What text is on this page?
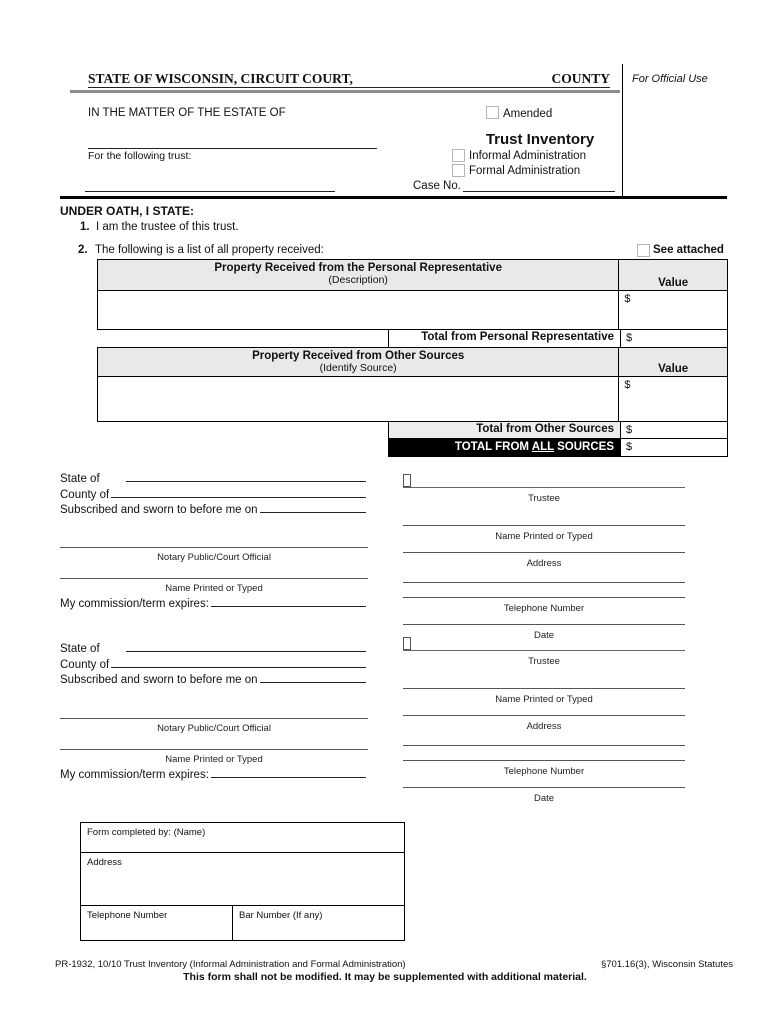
STATE OF WISCONSIN, CIRCUIT COURT,	COUNTY For Official Use
IN THE MATTER OF THE ESTATE OF	Amended
Trust Inventory
For the following trust:	Informal Administration
Formal Administration
Case No.
UNDER OATH, I STATE:
1. I am the trustee of this trust.
2. The following is a list of all property received:	See attached
Property Received from the Personal Representative
(Description)	Value
$
Total from Personal Representative	$
Property Received from Other Sources
(Identify Source)	Value
$
Total from Other Sources	$
TOTAL FROM ALL SOURCES	$
State of
County of
Subscribed and sworn to before me on
Notary Public/Court Official
Name Printed or Typed
My commission/term expires:
Trustee
Name Printed or Typed
Address
Telephone Number
Date
State of
County of
Subscribed and sworn to before me on
Notary Public/Court Official
Name Printed or Typed
My commission/term expires:
Trustee
Name Printed or Typed
Address
Telephone Number
Date
Form completed by: (Name)
Address
Telephone Number	Bar Number (If any)
PR-1932, 10/10 Trust Inventory (Informal Administration and Formal Administration)	§701.16(3), Wisconsin Statutes
This form shall not be modified. It may be supplemented with additional material.
